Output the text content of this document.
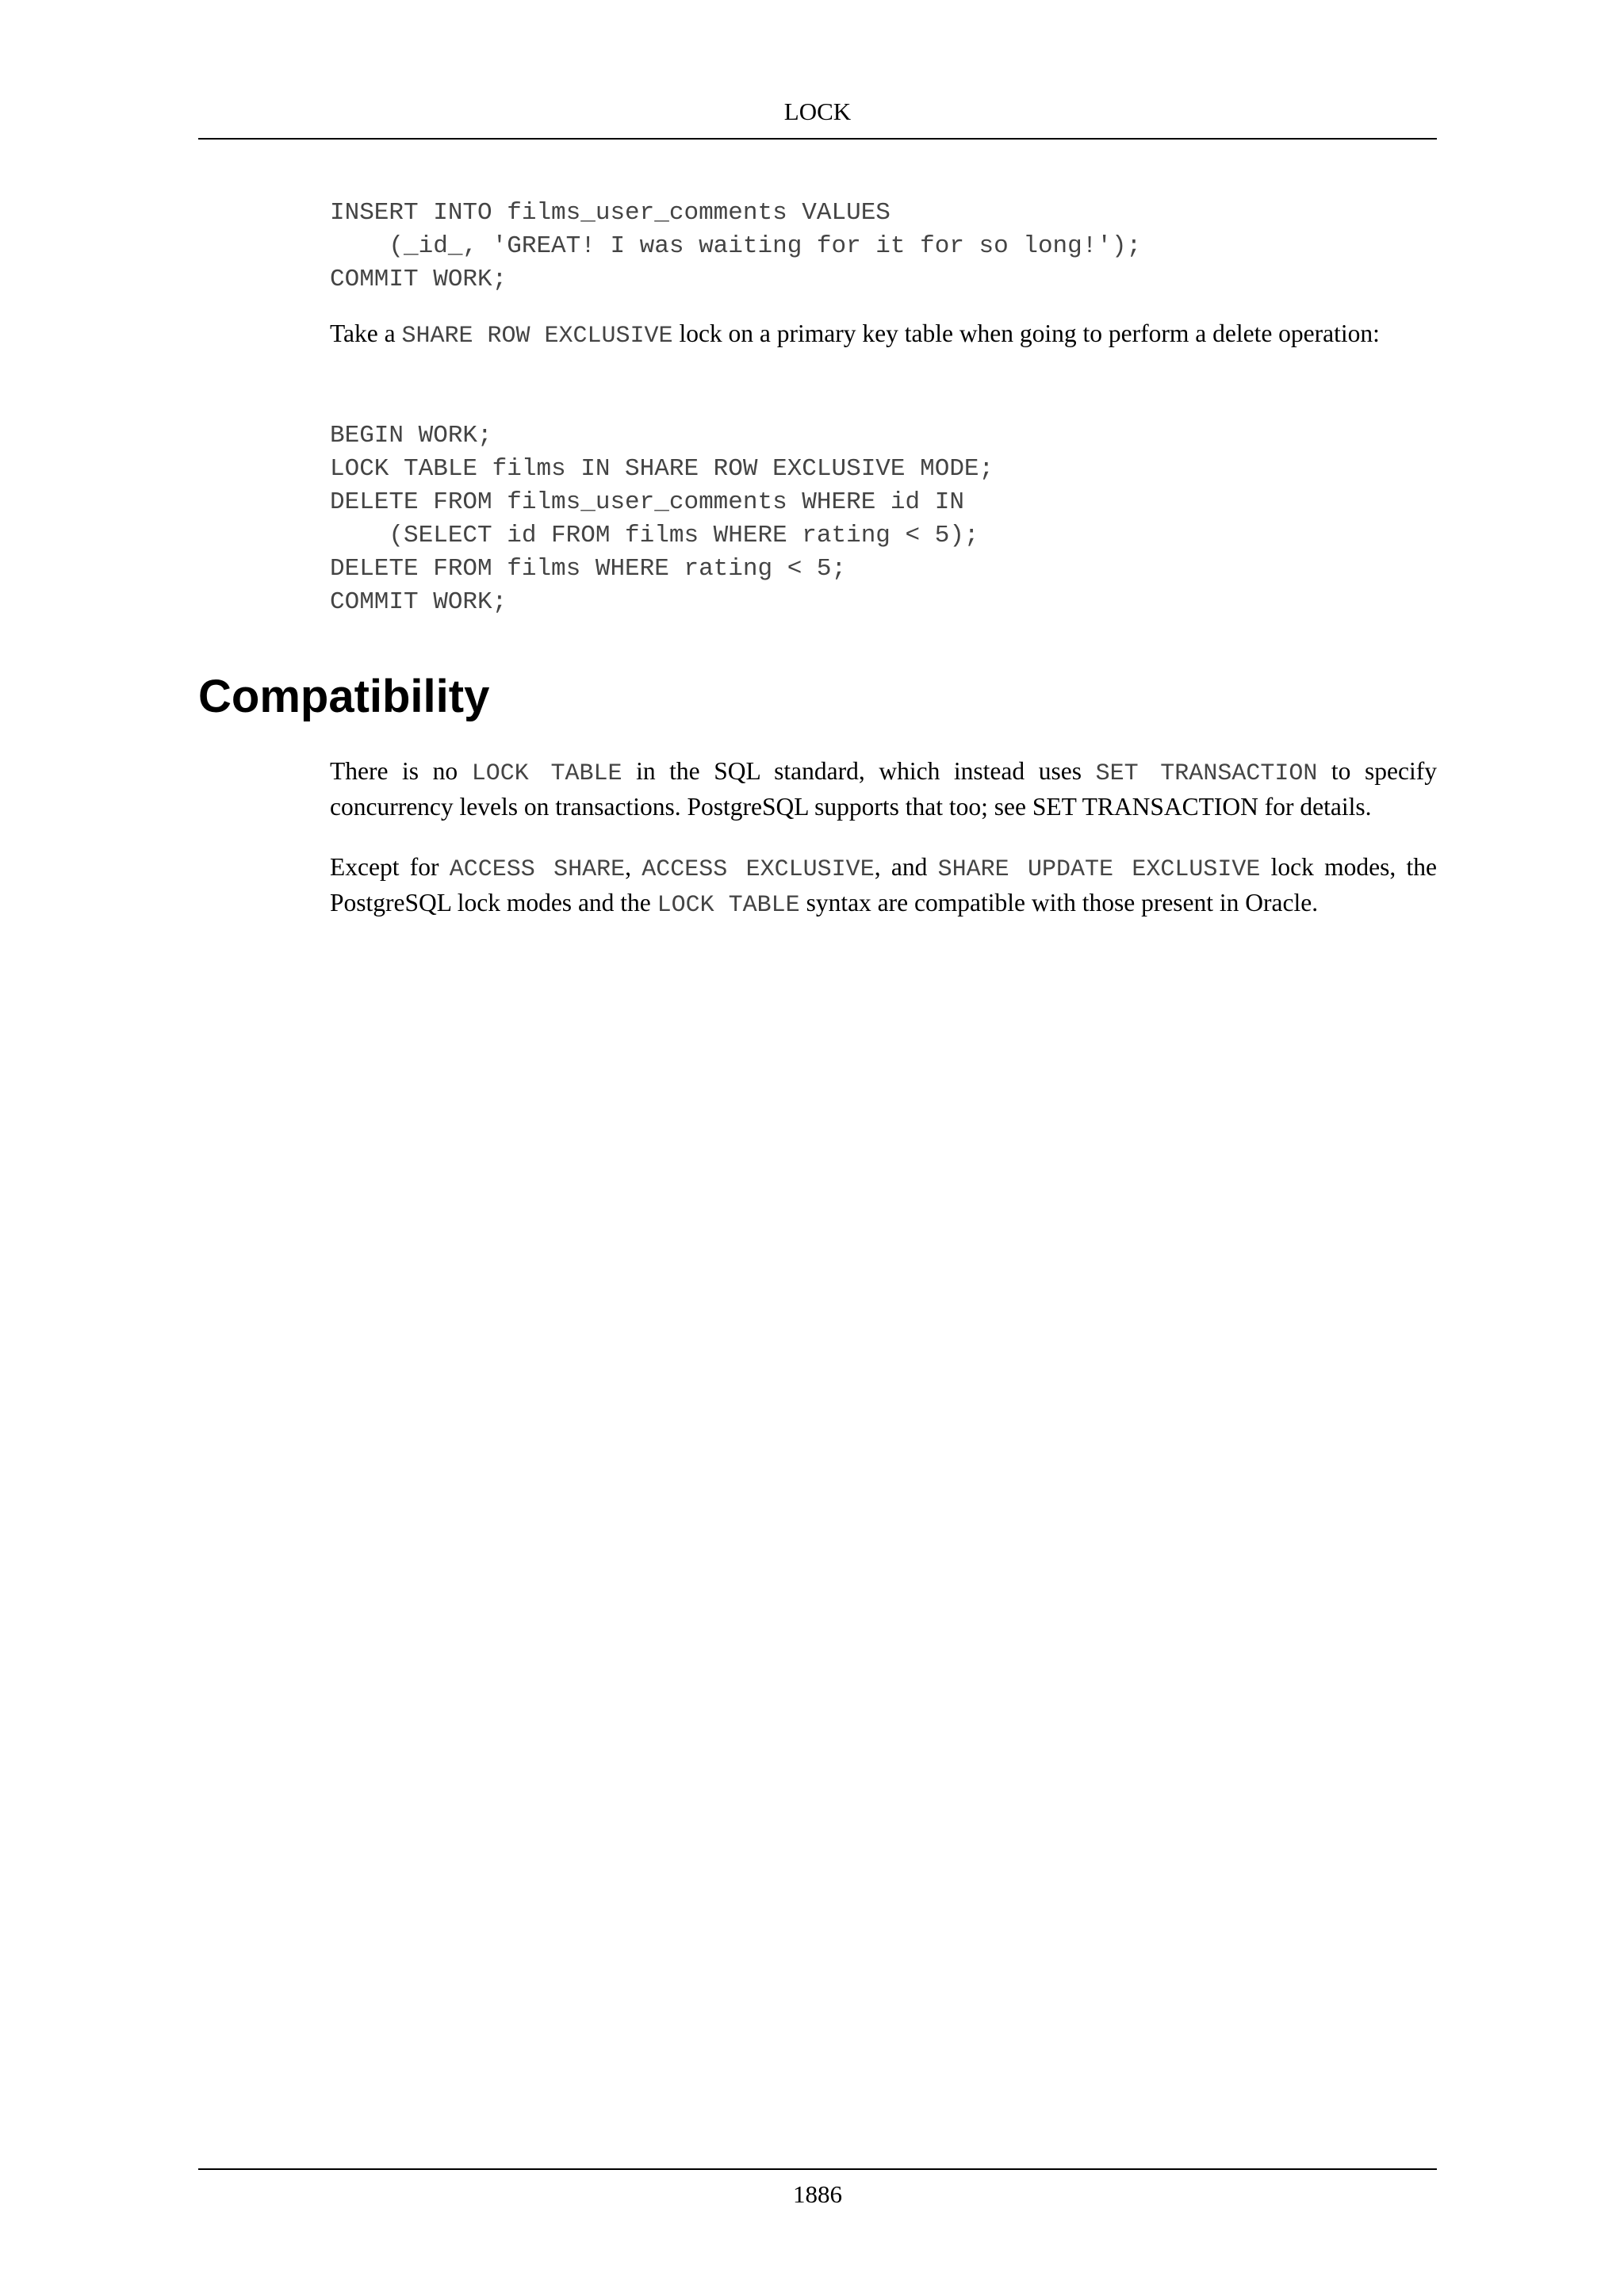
LOCK
INSERT INTO films_user_comments VALUES
(_id_, 'GREAT! I was waiting for it for so long!');
COMMIT WORK;

Take a SHARE ROW EXCLUSIVE lock on a primary key table when going to perform a delete operation:

BEGIN WORK;
LOCK TABLE films IN SHARE ROW EXCLUSIVE MODE;
DELETE FROM films_user_comments WHERE id IN
(SELECT id FROM films WHERE rating < 5);
DELETE FROM films WHERE rating < 5;
COMMIT WORK;
Compatibility

There is no LOCK TABLE in the SQL standard, which instead uses SET TRANSACTION to specify concurrency levels on transactions. PostgreSQL supports that too; see SET TRANSACTION for details.

Except for ACCESS SHARE, ACCESS EXCLUSIVE, and SHARE UPDATE EXCLUSIVE lock modes, the PostgreSQL lock modes and the LOCK TABLE syntax are compatible with those present in Oracle.

1886
